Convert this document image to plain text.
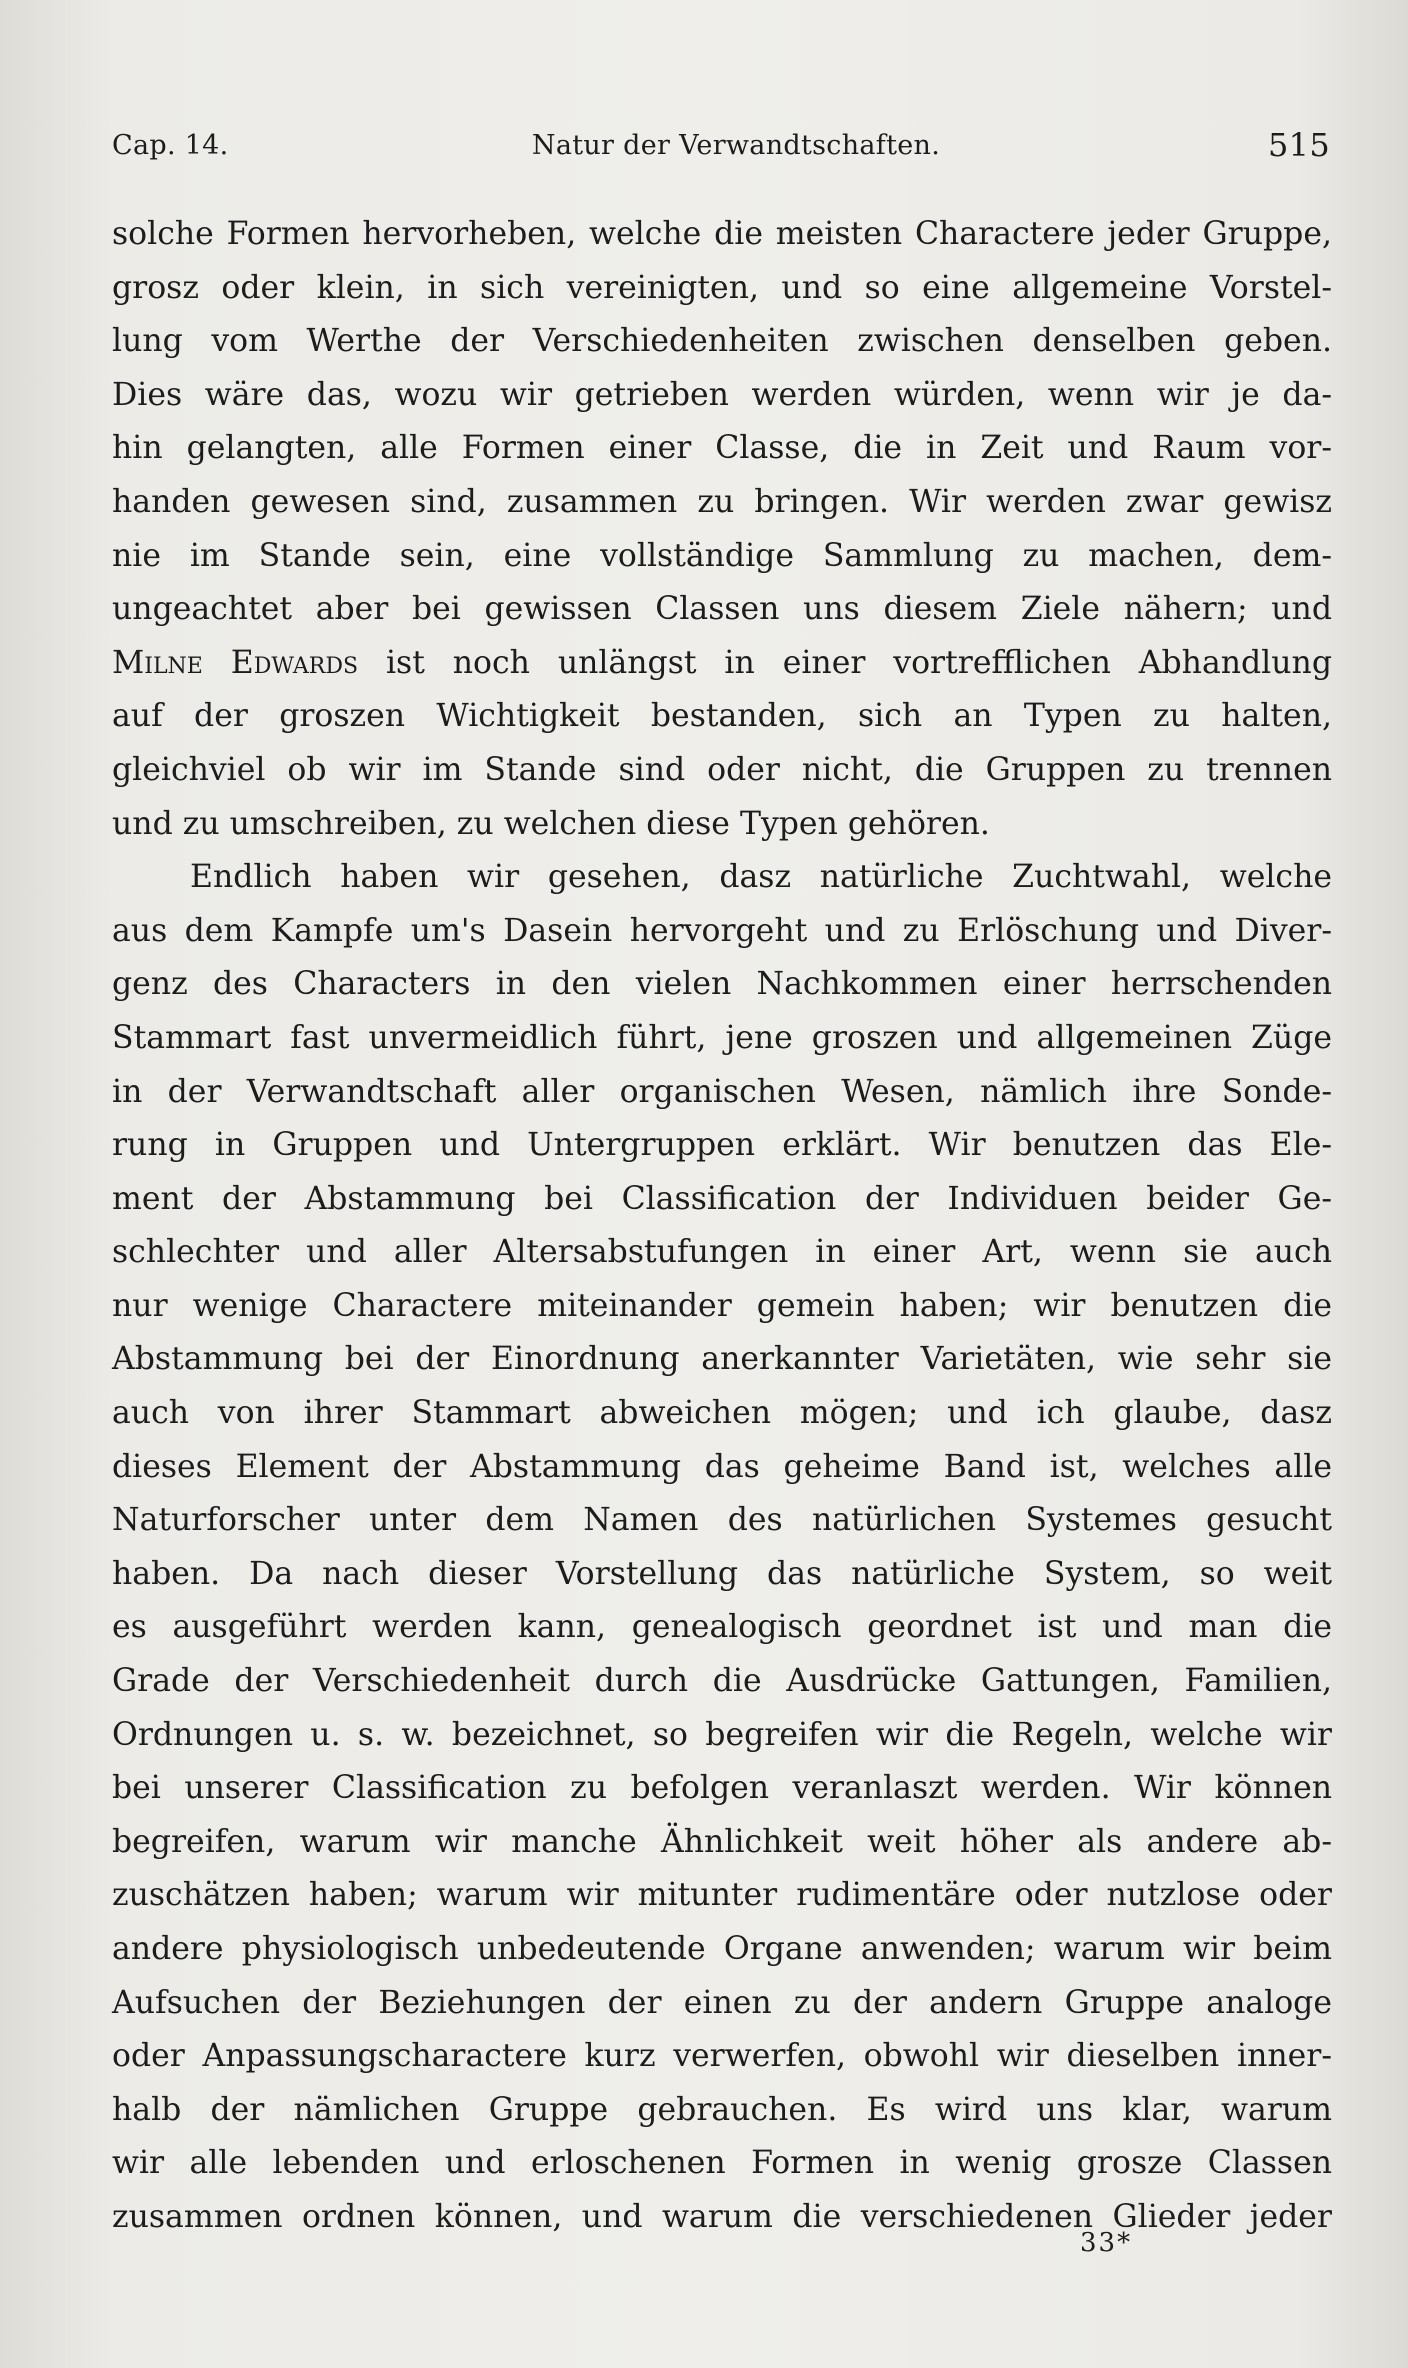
Cap. 14.	Natur der Verwandtschaften.	515
solche Formen hervorheben, welche die meisten Charactere jeder Gruppe,
grosz oder klein, in sich vereinigten, und so eine allgemeine Vorstel-
lung vom Werthe der Verschiedenheiten zwischen denselben geben.
Dies wäre das, wozu wir getrieben werden würden, wenn wir je da-
hin gelangten, alle Formen einer Classe, die in Zeit und Raum vor-
handen gewesen sind, zusammen zu bringen. Wir werden zwar gewisz
nie im Stande sein, eine vollständige Sammlung zu machen, dem-
ungeachtet aber bei gewissen Classen uns diesem Ziele nähern; und
Milne Edwards ist noch unlängst in einer vortrefflichen Abhandlung
auf der groszen Wichtigkeit bestanden, sich an Typen zu halten,
gleichviel ob wir im Stande sind oder nicht, die Gruppen zu trennen
und zu umschreiben, zu welchen diese Typen gehören.
Endlich haben wir gesehen, dasz natürliche Zuchtwahl, welche
aus dem Kampfe um's Dasein hervorgeht und zu Erlöschung und Diver-
genz des Characters in den vielen Nachkommen einer herrschenden
Stammart fast unvermeidlich führt, jene groszen und allgemeinen Züge
in der Verwandtschaft aller organischen Wesen, nämlich ihre Sonde-
rung in Gruppen und Untergruppen erklärt. Wir benutzen das Ele-
ment der Abstammung bei Classification der Individuen beider Ge-
schlechter und aller Altersabstufungen in einer Art, wenn sie auch
nur wenige Charactere miteinander gemein haben; wir benutzen die
Abstammung bei der Einordnung anerkannter Varietäten, wie sehr sie
auch von ihrer Stammart abweichen mögen; und ich glaube, dasz
dieses Element der Abstammung das geheime Band ist, welches alle
Naturforscher unter dem Namen des natürlichen Systemes gesucht
haben. Da nach dieser Vorstellung das natürliche System, so weit
es ausgeführt werden kann, genealogisch geordnet ist und man die
Grade der Verschiedenheit durch die Ausdrücke Gattungen, Familien,
Ordnungen u. s. w. bezeichnet, so begreifen wir die Regeln, welche wir
bei unserer Classification zu befolgen veranlaszt werden. Wir können
begreifen, warum wir manche Ähnlichkeit weit höher als andere ab-
zuschätzen haben; warum wir mitunter rudimentäre oder nutzlose oder
andere physiologisch unbedeutende Organe anwenden; warum wir beim
Aufsuchen der Beziehungen der einen zu der andern Gruppe analoge
oder Anpassungscharactere kurz verwerfen, obwohl wir dieselben inner-
halb der nämlichen Gruppe gebrauchen. Es wird uns klar, warum
wir alle lebenden und erloschenen Formen in wenig grosze Classen
zusammen ordnen können, und warum die verschiedenen Glieder jeder
33*
